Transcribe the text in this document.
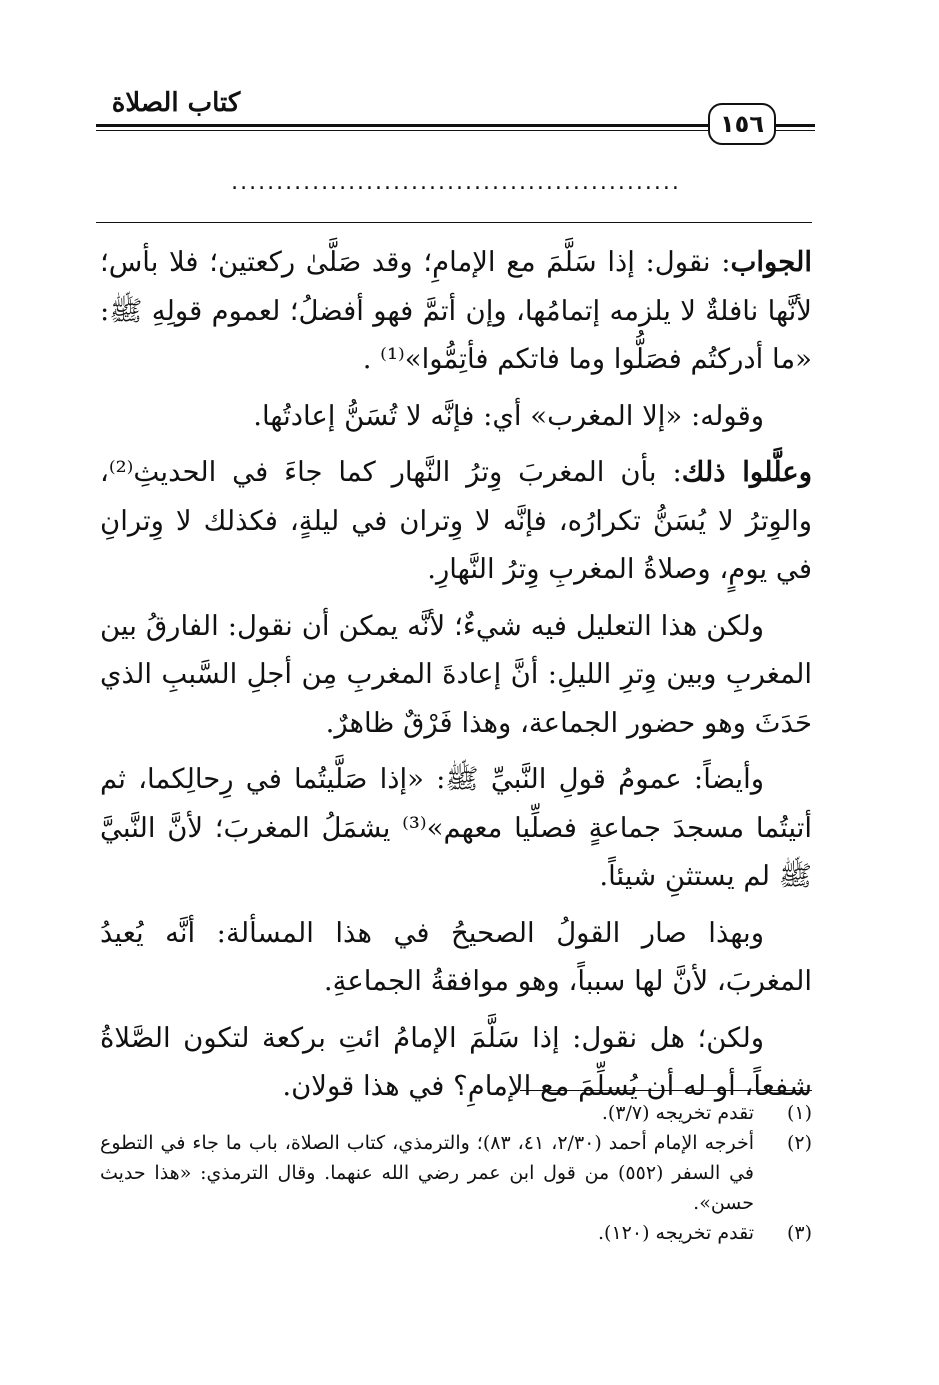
كتاب الصلاة
١٥٦
..................................................

الجواب: نقول: إذا سَلَّمَ مع الإمامِ؛ وقد صَلَّىٰ ركعتين؛ فلا بأس؛ لأنَّها نافلةٌ لا يلزمه إتمامُها، وإن أتمَّ فهو أفضلُ؛ لعموم قولِهِ ﷺ: «ما أدركتُم فصَلُّوا وما فاتكم فأتِمُّوا»⁽¹⁾ .

وقوله: «إلا المغرب» أي: فإنَّه لا تُسَنُّ إعادتُها.

وعلَّلوا ذلك: بأن المغربَ وِترُ النَّهار كما جاءَ في الحديثِ⁽²⁾، والوِترُ لا يُسَنُّ تكرارُه، فإنَّه لا وِتران في ليلةٍ، فكذلك لا وِترانِ في يومٍ، وصلاةُ المغربِ وِترُ النَّهارِ.

ولكن هذا التعليل فيه شيءٌ؛ لأنَّه يمكن أن نقول: الفارقُ بين المغربِ وبين وِترِ الليلِ: أنَّ إعادةَ المغربِ مِن أجلِ السَّببِ الذي حَدَثَ وهو حضور الجماعة، وهذا فَرْقٌ ظاهرٌ.

وأيضاً: عمومُ قولِ النَّبيِّ ﷺ: «إذا صَلَّيتُما في رِحالِكما، ثم أتيتُما مسجدَ جماعةٍ فصلِّيا معهم»⁽³⁾ يشمَلُ المغربَ؛ لأنَّ النَّبيَّ ﷺ لم يستثنِ شيئاً.

وبهذا صار القولُ الصحيحُ في هذا المسألة: أنَّه يُعيدُ المغربَ، لأنَّ لها سبباً، وهو موافقةُ الجماعةِ.

ولكن؛ هل نقول: إذا سَلَّمَ الإمامُ ائتِ بركعة لتكون الصَّلاةُ شفعاً، أو له أن يُسلِّمَ مع الإمامِ؟ في هذا قولان.

(١)
تقدم تخريجه (٣/٧).
(٢)
أخرجه الإمام أحمد (٢/٣٠، ٤١، ٨٣)؛ والترمذي، كتاب الصلاة، باب ما جاء في التطوع في السفر (٥٥٢) من قول ابن عمر رضي الله عنهما. وقال الترمذي: «هذا حديث حسن».
(٣)
تقدم تخريجه (١٢٠).
